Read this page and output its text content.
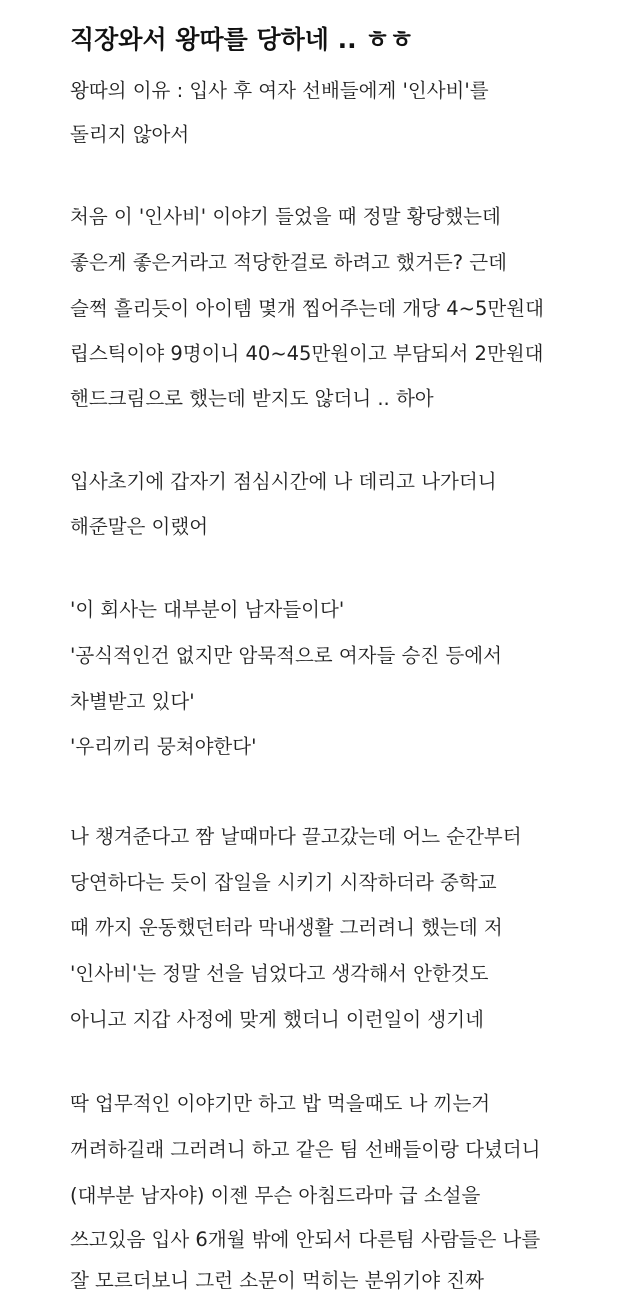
직장와서 왕따를 당하네 .. ㅎㅎ
왕따의 이유 : 입사 후 여자 선배들에게 '인사비'를
돌리지 않아서
처음 이 '인사비' 이야기 들었을 때 정말 황당했는데
좋은게 좋은거라고 적당한걸로 하려고 했거든? 근데
슬쩍 흘리듯이 아이템 몇개 찝어주는데 개당 4~5만원대
립스틱이야 9명이니 40~45만원이고 부담되서 2만원대
핸드크림으로 했는데 받지도 않더니 .. 하아
입사초기에 갑자기 점심시간에 나 데리고 나가더니
해준말은 이랬어
'이 회사는 대부분이 남자들이다'
'공식적인건 없지만 암묵적으로 여자들 승진 등에서
차별받고 있다'
'우리끼리 뭉쳐야한다'
나 챙겨준다고 짬 날때마다 끌고갔는데 어느 순간부터
당연하다는 듯이 잡일을 시키기 시작하더라 중학교
때 까지 운동했던터라 막내생활 그러려니 했는데 저
'인사비'는 정말 선을 넘었다고 생각해서 안한것도
아니고 지갑 사정에 맞게 했더니 이런일이 생기네
딱 업무적인 이야기만 하고 밥 먹을때도 나 끼는거
꺼려하길래 그러려니 하고 같은 팀 선배들이랑 다녔더니
(대부분 남자야) 이젠 무슨 아침드라마 급 소설을
쓰고있음 입사 6개월 밖에 안되서 다른팀 사람들은 나를
잘 모르더보니 그런 소문이 먹히는 분위기야 진짜
